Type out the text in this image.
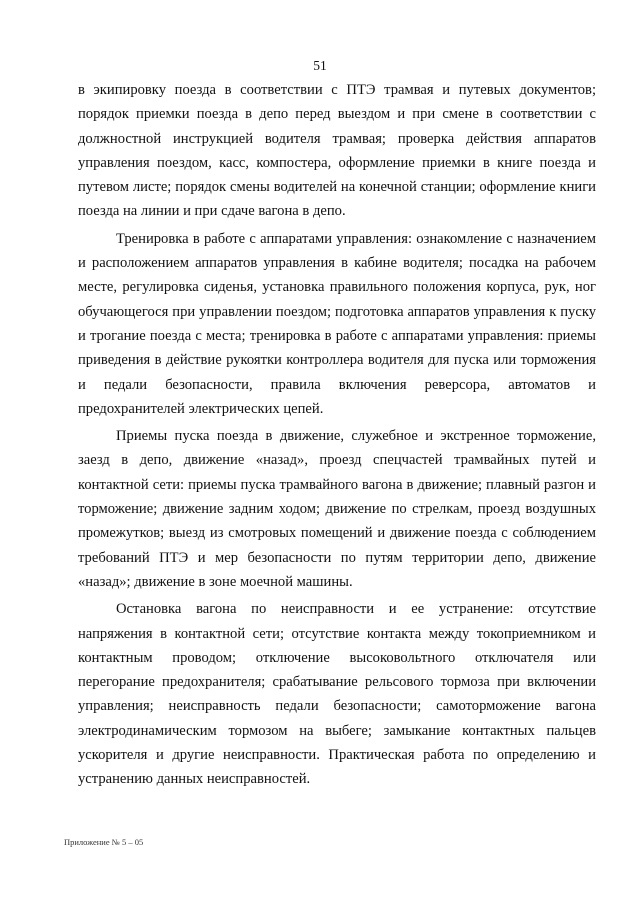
51

в экипировку поезда в соответствии с ПТЭ трамвая и путевых документов; порядок приемки поезда в депо перед выездом и при смене в соответствии с должностной инструкцией водителя трамвая; проверка действия аппаратов управления поездом, касс, компостера, оформление приемки в книге поезда и путевом листе; порядок смены водителей на конечной станции; оформление книги поезда на линии и при сдаче вагона в депо.

Тренировка в работе с аппаратами управления: ознакомление с назначением и расположением аппаратов управления в кабине водителя; посадка на рабочем месте, регулировка сиденья, установка правильного положения корпуса, рук, ног обучающегося при управлении поездом; подготовка аппаратов управления к пуску и трогание поезда с места; тренировка в работе с аппаратами управления: приемы приведения в действие рукоятки контроллера водителя для пуска или торможения и педали безопасности, правила включения реверсора, автоматов и предохранителей электрических цепей.

Приемы пуска поезда в движение, служебное и экстренное торможение, заезд в депо, движение «назад», проезд спецчастей трамвайных путей и контактной сети: приемы пуска трамвайного вагона в движение; плавный разгон и торможение; движение задним ходом; движение по стрелкам, проезд воздушных промежутков; выезд из смотровых помещений и движение поезда с соблюдением требований ПТЭ и мер безопасности по путям территории депо, движение «назад»; движение в зоне моечной машины.

Остановка вагона по неисправности и ее устранение: отсутствие напряжения в контактной сети; отсутствие контакта между токоприемником и контактным проводом; отключение высоковольтного отключателя или перегорание предохранителя; срабатывание рельсового тормоза при включении управления; неисправность педали безопасности; самоторможение вагона электродинамическим тормозом на выбеге; замыкание контактных пальцев ускорителя и другие неисправности. Практическая работа по определению и устранению данных неисправностей.

Приложение № 5 – 05
